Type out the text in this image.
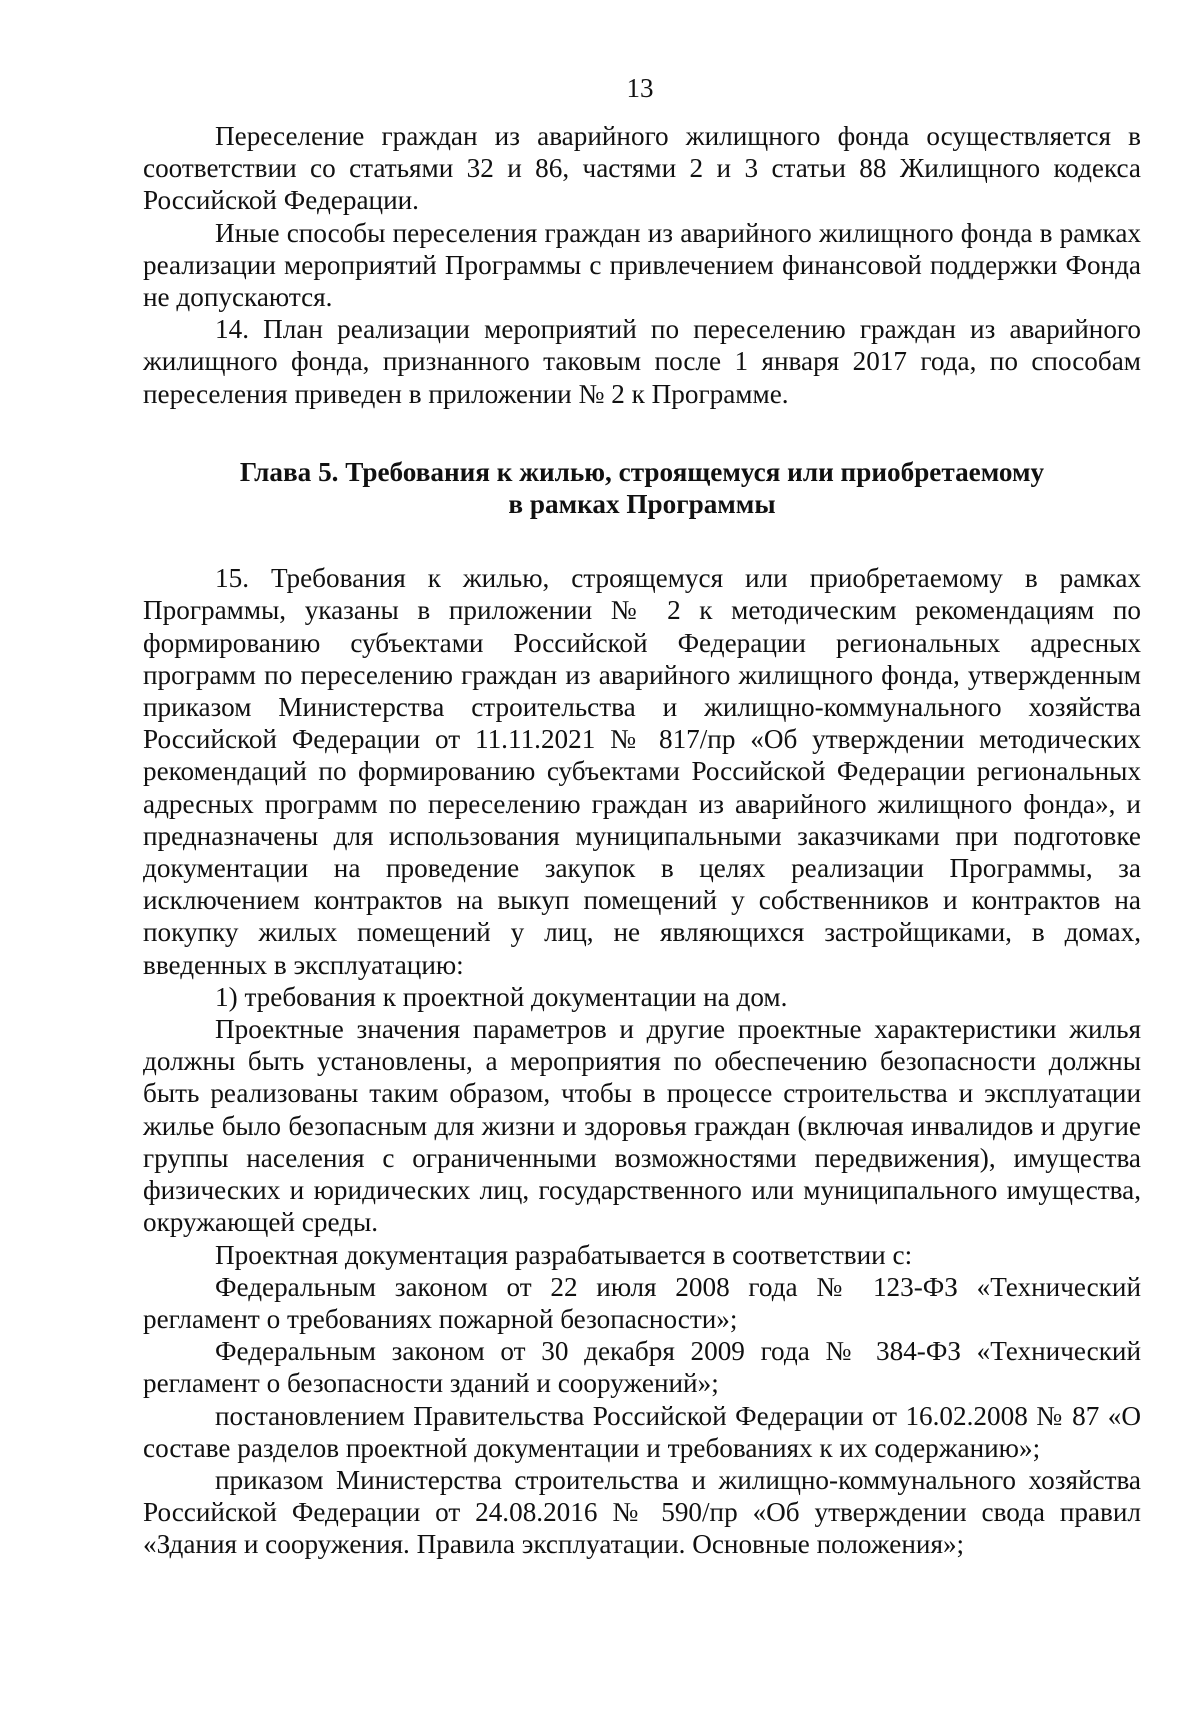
13

Переселение граждан из аварийного жилищного фонда осуществляется в соответствии со статьями 32 и 86, частями 2 и 3 статьи 88 Жилищного кодекса Российской Федерации.

Иные способы переселения граждан из аварийного жилищного фонда в рамках реализации мероприятий Программы с привлечением финансовой поддержки Фонда не допускаются.

14. План реализации мероприятий по переселению граждан из аварийного жилищного фонда, признанного таковым после 1 января 2017 года, по способам переселения приведен в приложении № 2 к Программе.

Глава 5. Требования к жилью, строящемуся или приобретаемому
в рамках Программы

15. Требования к жилью, строящемуся или приобретаемому в рамках Программы, указаны в приложении № 2 к методическим рекомендациям по формированию субъектами Российской Федерации региональных адресных программ по переселению граждан из аварийного жилищного фонда, утвержденным приказом Министерства строительства и жилищно-коммунального хозяйства Российской Федерации от 11.11.2021 № 817/пр «Об утверждении методических рекомендаций по формированию субъектами Российской Федерации региональных адресных программ по переселению граждан из аварийного жилищного фонда», и предназначены для использования муниципальными заказчиками при подготовке документации на проведение закупок в целях реализации Программы, за исключением контрактов на выкуп помещений у собственников и контрактов на покупку жилых помещений у лиц, не являющихся застройщиками, в домах, введенных в эксплуатацию:

1) требования к проектной документации на дом.

Проектные значения параметров и другие проектные характеристики жилья должны быть установлены, а мероприятия по обеспечению безопасности должны быть реализованы таким образом, чтобы в процессе строительства и эксплуатации жилье было безопасным для жизни и здоровья граждан (включая инвалидов и другие группы населения с ограниченными возможностями передвижения), имущества физических и юридических лиц, государственного или муниципального имущества, окружающей среды.

Проектная документация разрабатывается в соответствии с:

Федеральным законом от 22 июля 2008 года № 123-ФЗ «Технический регламент о требованиях пожарной безопасности»;

Федеральным законом от 30 декабря 2009 года № 384-ФЗ «Технический регламент о безопасности зданий и сооружений»;

постановлением Правительства Российской Федерации от 16.02.2008 № 87 «О составе разделов проектной документации и требованиях к их содержанию»;

приказом Министерства строительства и жилищно-коммунального хозяйства Российской Федерации от 24.08.2016 № 590/пр «Об утверждении свода правил «Здания и сооружения. Правила эксплуатации. Основные положения»;
